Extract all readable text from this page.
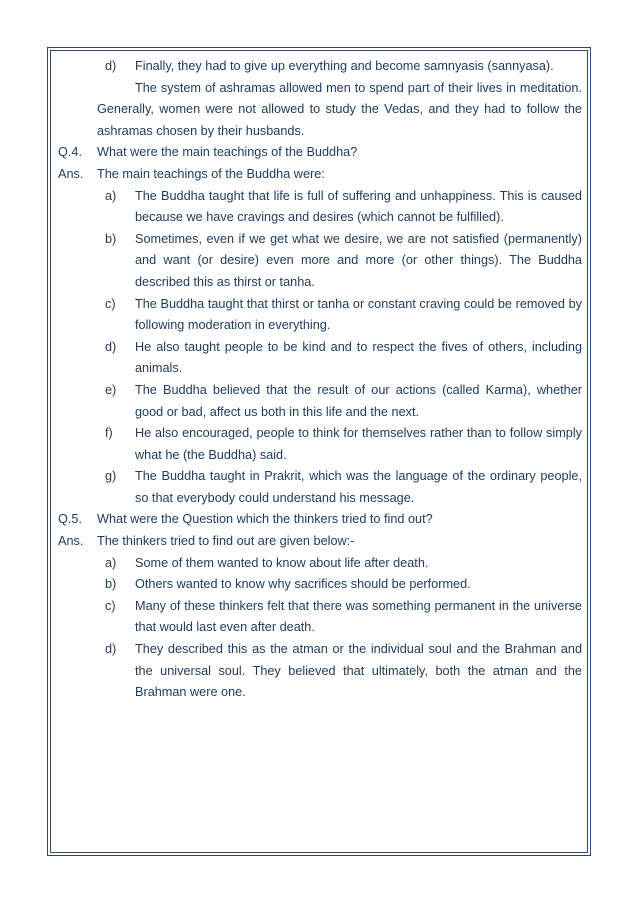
d)	Finally, they had to give up everything and become samnyasis (sannyasa).
The system of ashramas allowed men to spend part of their lives in meditation. Generally, women were not allowed to study the Vedas, and they had to follow the ashramas chosen by their husbands.
Q.4.	What were the main teachings of the Buddha?
Ans.	The main teachings of the Buddha were:
a)	The Buddha taught that life is full of suffering and unhappiness. This is caused because we have cravings and desires (which cannot be fulfilled).
b)	Sometimes, even if we get what we desire, we are not satisfied (permanently) and want (or desire) even more and more (or other things). The Buddha described this as thirst or tanha.
c)	The Buddha taught that thirst or tanha or constant craving could be removed by following moderation in everything.
d)	He also taught people to be kind and to respect the fives of others, including animals.
e)	The Buddha believed that the result of our actions (called Karma), whether good or bad, affect us both in this life and the next.
f)	He also encouraged, people to think for themselves rather than to follow simply what he (the Buddha) said.
g)	The Buddha taught in Prakrit, which was the language of the ordinary people, so that everybody could understand his message.
Q.5.	What were the Question which the thinkers tried to find out?
Ans.	The thinkers tried to find out are given below:-
a)	Some of them wanted to know about life after death.
b)	Others wanted to know why sacrifices should be performed.
c)	Many of these thinkers felt that there was something permanent in the universe that would last even after death.
d)	They described this as the atman or the individual soul and the Brahman and the universal soul. They believed that ultimately, both the atman and the Brahman were one.
